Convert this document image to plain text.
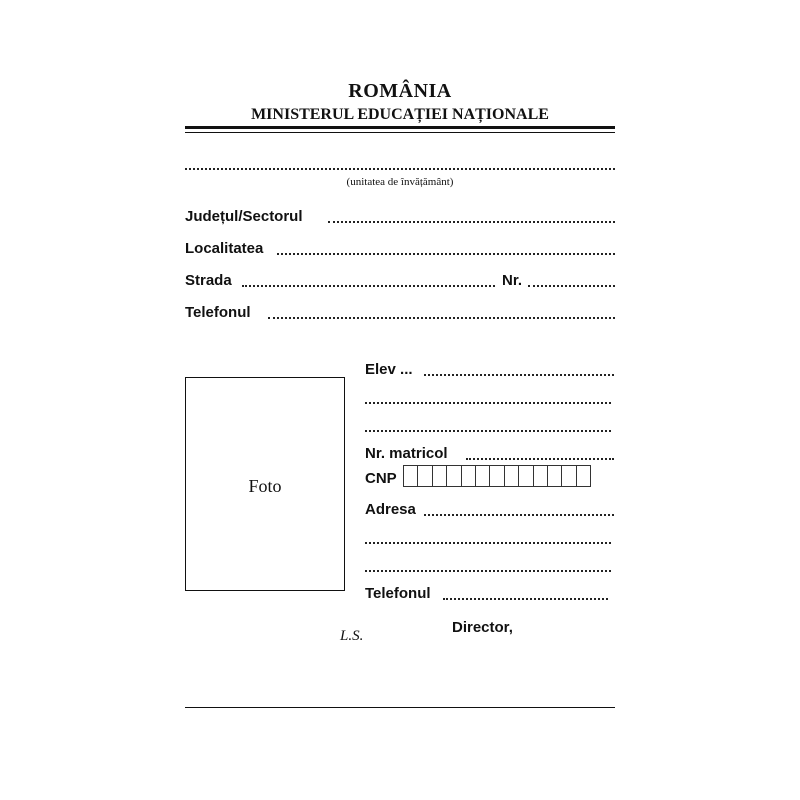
ROMÂNIA
MINISTERUL EDUCAȚIEI NAȚIONALE
(unitatea de învățământ)
Județul/Sectorul
Localitatea
Strada	Nr.
Telefonul
Foto
Elev ...
Nr. matricol
CNP
Adresa
Telefonul
L.S.	Director,
